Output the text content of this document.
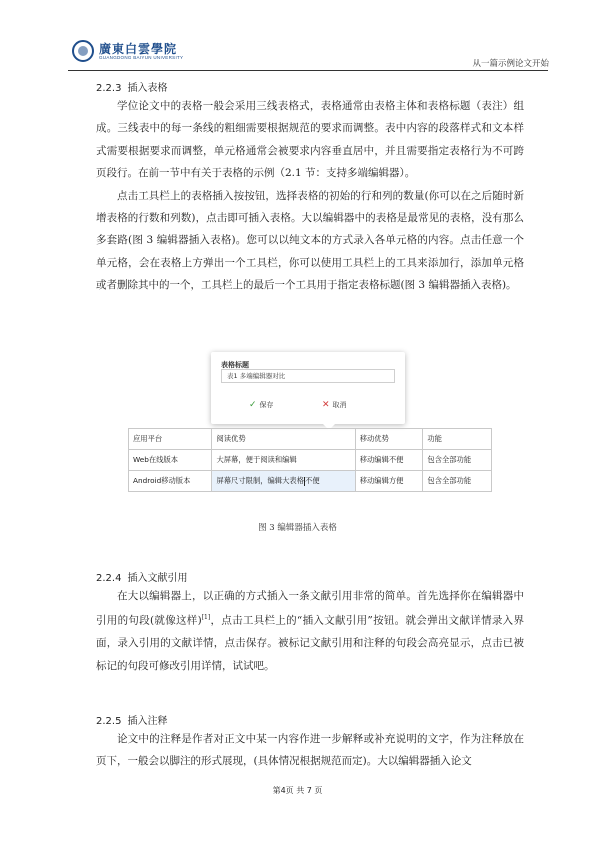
廣東白雲學院
GUANGDONG BAIYUN UNIVERSITY
从一篇示例论文开始
2.2.3 插入表格

学位论文中的表格一般会采用三线表格式，表格通常由表格主体和表格标题（表注）组成。三线表中的每一条线的粗细需要根据规范的要求而调整。表中内容的段落样式和文本样式需要根据要求而调整，单元格通常会被要求内容垂直居中，并且需要指定表格行为不可跨页段行。在前一节中有关于表格的示例（2.1 节：支持多端编辑器）。

点击工具栏上的表格插入按按钮，选择表格的初始的行和列的数量(你可以在之后随时新增表格的行数和列数)，点击即可插入表格。大以编辑器中的表格是最常见的表格，没有那么多套路(图 3 编辑器插入表格)。您可以以纯文本的方式录入各单元格的内容。点击任意一个单元格，会在表格上方弹出一个工具栏，你可以使用工具栏上的工具来添加行，添加单元格或者删除其中的一个，工具栏上的最后一个工具用于指定表格标题(图 3 编辑器插入表格)。

表格标题
表1 多端编辑器对比
✓ 保存	✕ 取消
应用平台	阅读优势	移动优势	功能
Web在线版本	大屏幕，便于阅读和编辑	移动编辑不便	包含全部功能
Android移动版本	屏幕尺寸限制，编辑大表格不便	移动编辑方便	包含全部功能
图 3 编辑器插入表格
2.2.4 插入文献引用

在大以编辑器上，以正确的方式插入一条文献引用非常的简单。首先选择你在编辑器中引用的句段(就像这样)[1]，点击工具栏上的“插入文献引用”按钮。就会弹出文献详情录入界面，录入引用的文献详情，点击保存。被标记文献引用和注释的句段会高亮显示，点击已被标记的句段可修改引用详情，试试吧。

2.2.5 插入注释

论文中的注释是作者对正文中某一内容作进一步解释或补充说明的文字，作为注释放在页下，一般会以脚注的形式展现，(具体情况根据规范而定)。大以编辑器插入论文

第4页 共 7 页
